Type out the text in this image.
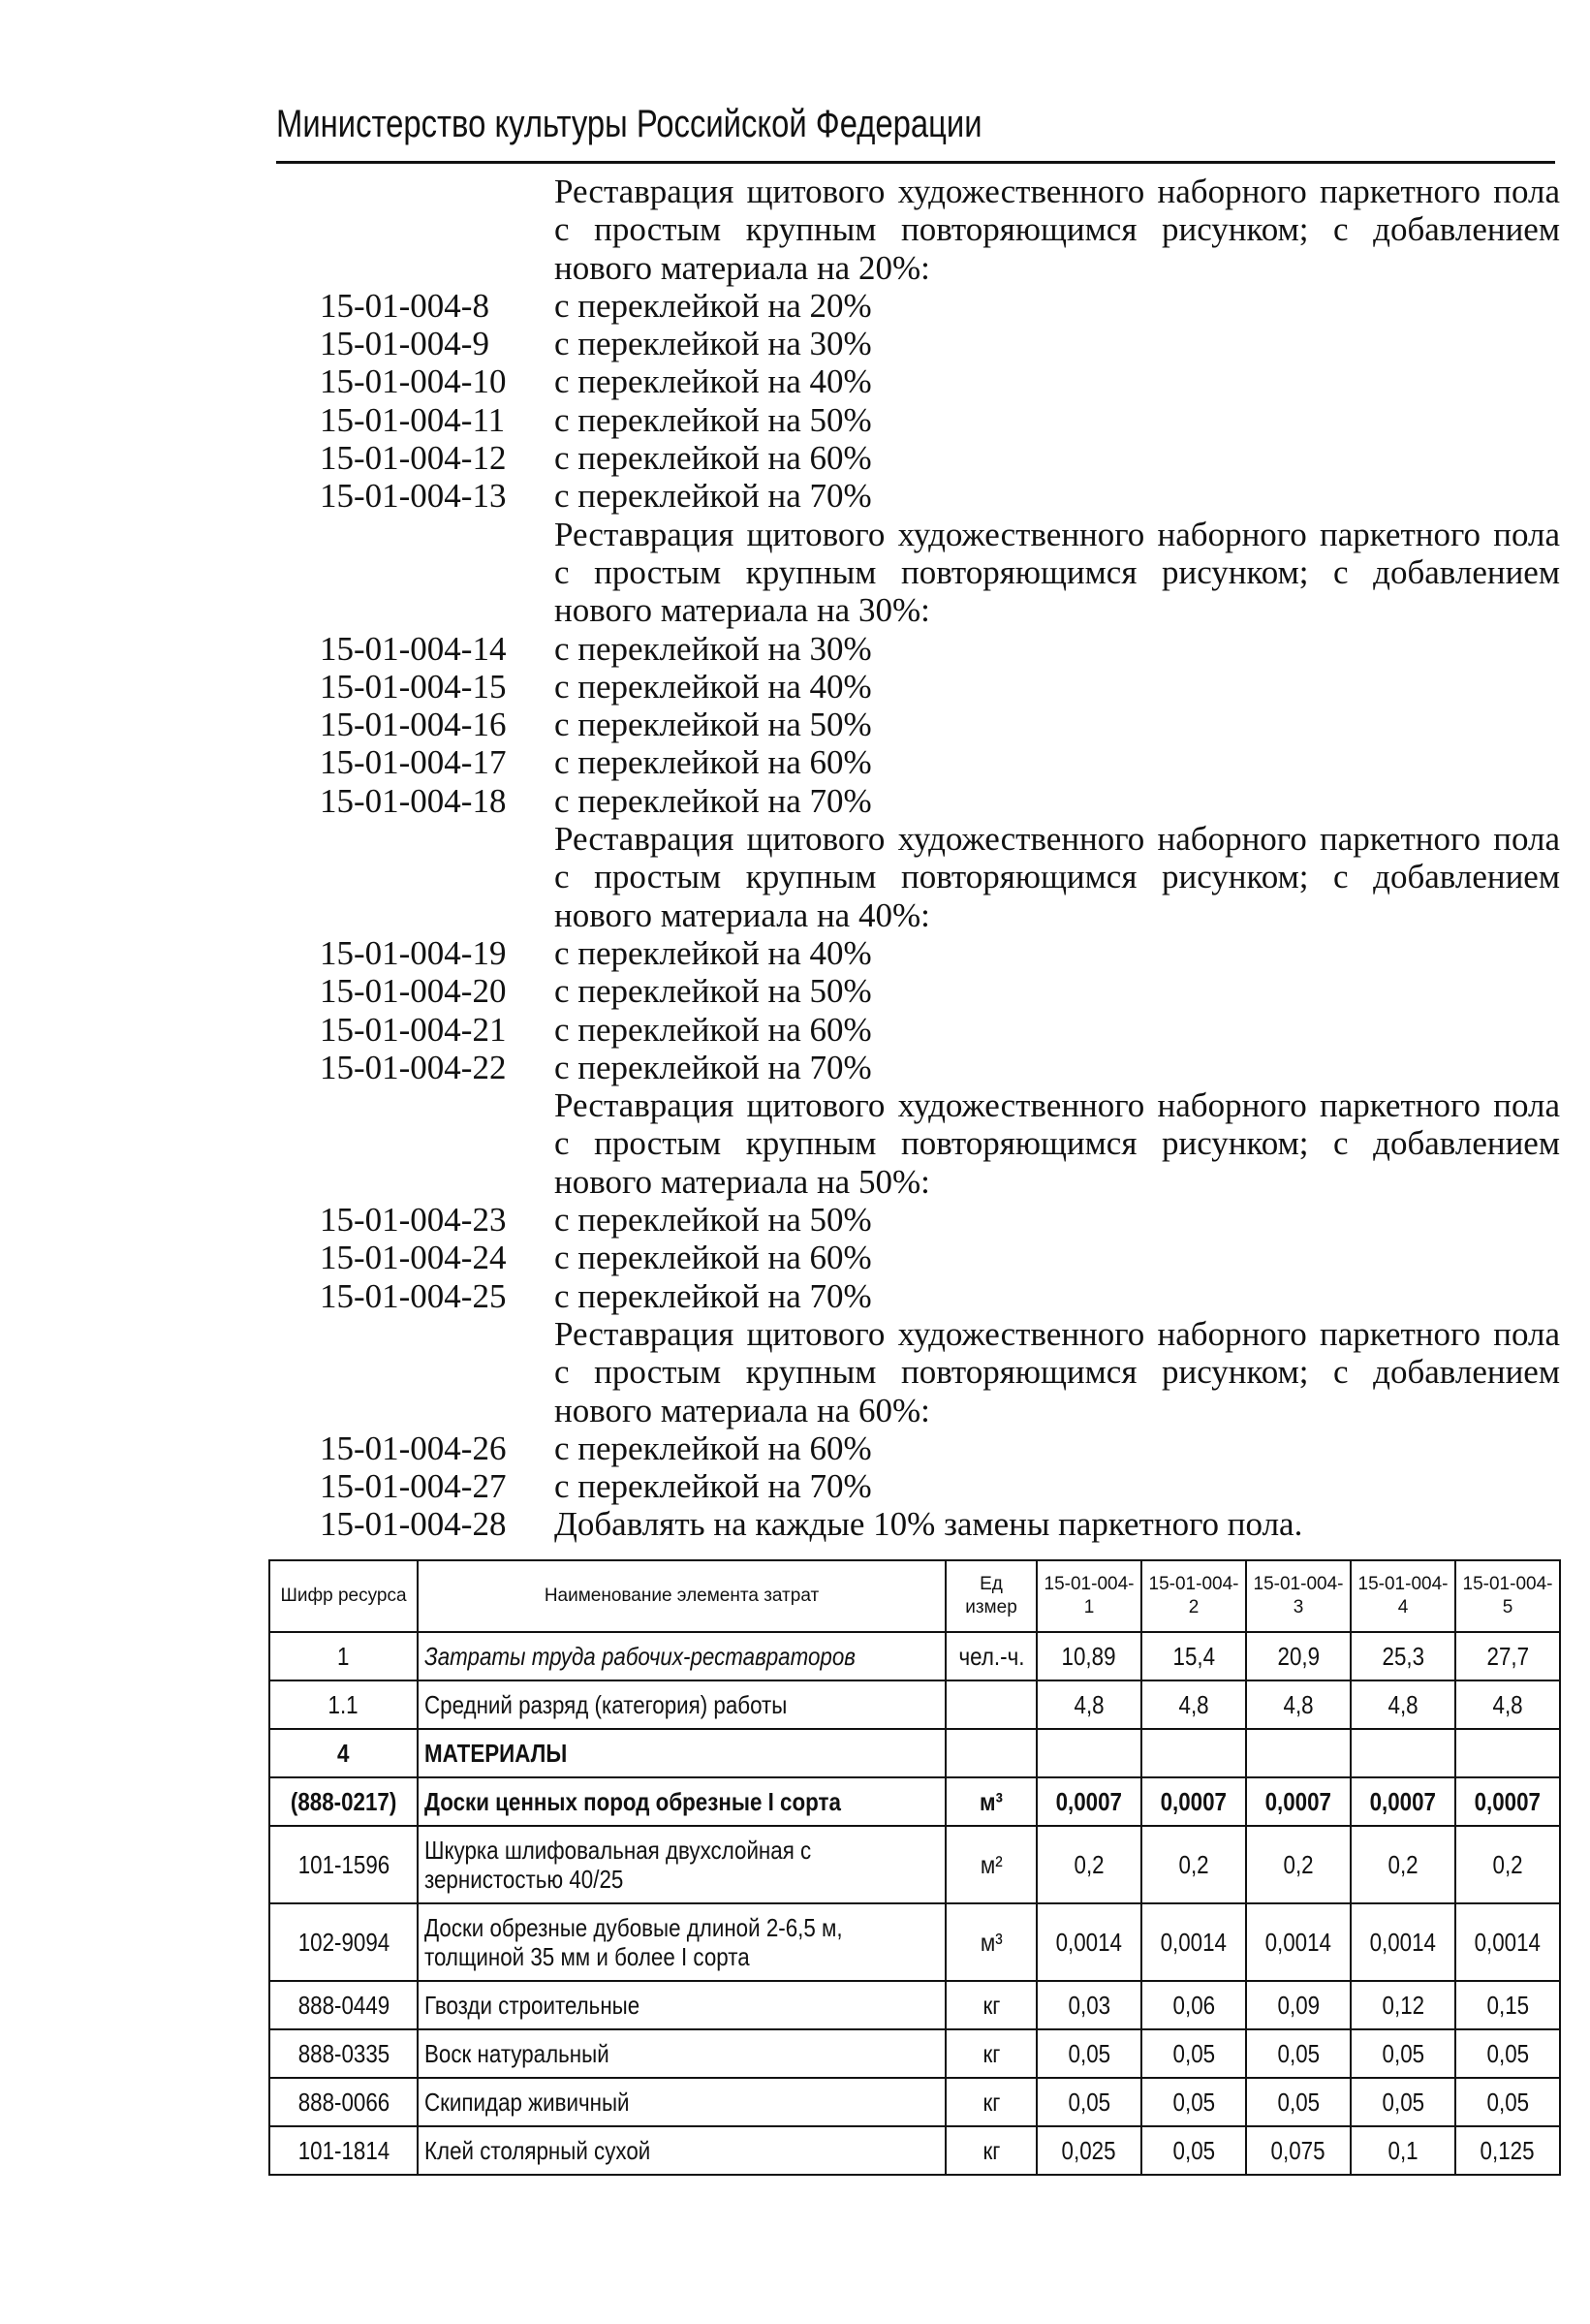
Министерство культуры Российской Федерации
Реставрация щитового художественного наборного паркетного пола с простым крупным повторяющимся рисунком; с добавлением нового материала на 20%:
15-01-004-8	с переклейкой на 20%
15-01-004-9	с переклейкой на 30%
15-01-004-10	с переклейкой на 40%
15-01-004-11	с переклейкой на 50%
15-01-004-12	с переклейкой на 60%
15-01-004-13	с переклейкой на 70%
Реставрация щитового художественного наборного паркетного пола с простым крупным повторяющимся рисунком; с добавлением нового материала на 30%:
15-01-004-14	с переклейкой на 30%
15-01-004-15	с переклейкой на 40%
15-01-004-16	с переклейкой на 50%
15-01-004-17	с переклейкой на 60%
15-01-004-18	с переклейкой на 70%
Реставрация щитового художественного наборного паркетного пола с простым крупным повторяющимся рисунком; с добавлением нового материала на 40%:
15-01-004-19	с переклейкой на 40%
15-01-004-20	с переклейкой на 50%
15-01-004-21	с переклейкой на 60%
15-01-004-22	с переклейкой на 70%
Реставрация щитового художественного наборного паркетного пола с простым крупным повторяющимся рисунком; с добавлением нового материала на 50%:
15-01-004-23	с переклейкой на 50%
15-01-004-24	с переклейкой на 60%
15-01-004-25	с переклейкой на 70%
Реставрация щитового художественного наборного паркетного пола с простым крупным повторяющимся рисунком; с добавлением нового материала на 60%:
15-01-004-26	с переклейкой на 60%
15-01-004-27	с переклейкой на 70%
15-01-004-28	Добавлять на каждые 10% замены паркетного пола.
Шифр ресурса	Наименование элемента затрат	Ед измер	15-01-004-1	15-01-004-2	15-01-004-3	15-01-004-4	15-01-004-5
1	Затраты труда рабочих-реставраторов	чел.-ч.	10,89	15,4	20,9	25,3	27,7
1.1	Средний разряд (категория) работы		4,8	4,8	4,8	4,8	4,8
4	МАТЕРИАЛЫ						
(888-0217)	Доски ценных пород обрезные I сорта	м³	0,0007	0,0007	0,0007	0,0007	0,0007
101-1596	Шкурка шлифовальная двухслойная с зернистостью 40/25	м²	0,2	0,2	0,2	0,2	0,2
102-9094	Доски обрезные дубовые длиной 2-6,5 м, толщиной 35 мм и более I сорта	м³	0,0014	0,0014	0,0014	0,0014	0,0014
888-0449	Гвозди строительные	кг	0,03	0,06	0,09	0,12	0,15
888-0335	Воск натуральный	кг	0,05	0,05	0,05	0,05	0,05
888-0066	Скипидар живичный	кг	0,05	0,05	0,05	0,05	0,05
101-1814	Клей столярный сухой	кг	0,025	0,05	0,075	0,1	0,125
